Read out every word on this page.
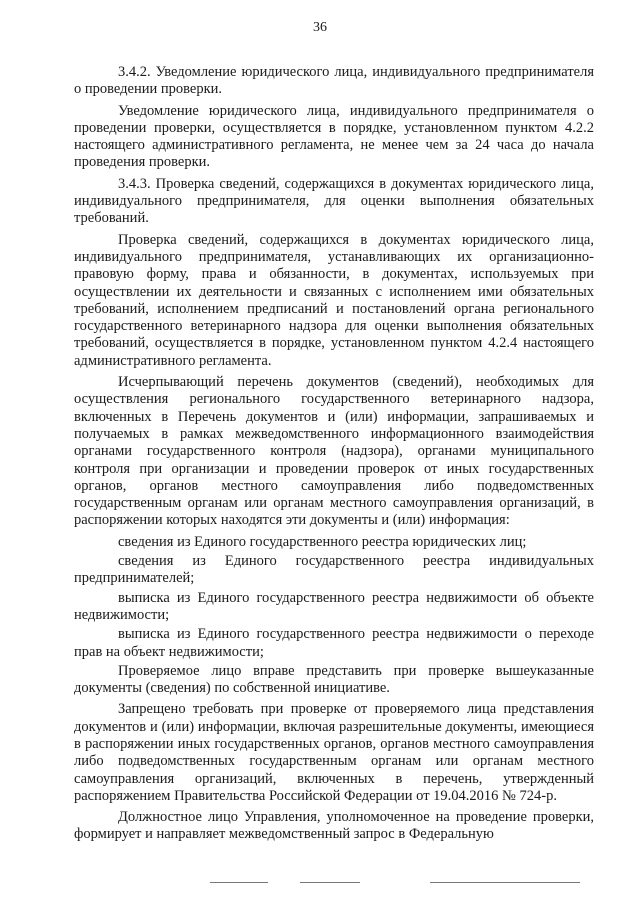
36

3.4.2. Уведомление юридического лица, индивидуального предпринимателя о проведении проверки.

Уведомление юридического лица, индивидуального предпринимателя о проведении проверки, осуществляется в порядке, установленном пунктом 4.2.2 настоящего административного регламента, не менее чем за 24 часа до начала проведения проверки.

3.4.3. Проверка сведений, содержащихся в документах юридического лица, индивидуального предпринимателя, для оценки выполнения обязательных требований.

Проверка сведений, содержащихся в документах юридического лица, индивидуального предпринимателя, устанавливающих их организационно-правовую форму, права и обязанности, в документах, используемых при осуществлении их деятельности и связанных с исполнением ими обязательных требований, исполнением предписаний и постановлений органа регионального государственного ветеринарного надзора для оценки выполнения обязательных требований, осуществляется в порядке, установленном пунктом 4.2.4 настоящего административного регламента.

Исчерпывающий перечень документов (сведений), необходимых для осуществления регионального государственного ветеринарного надзора, включенных в Перечень документов и (или) информации, запрашиваемых и получаемых в рамках межведомственного информационного взаимодействия органами государственного контроля (надзора), органами муниципального контроля при организации и проведении проверок от иных государственных органов, органов местного самоуправления либо подведомственных государственным органам или органам местного самоуправления организаций, в распоряжении которых находятся эти документы и (или) информация:

сведения из Единого государственного реестра юридических лиц;

сведения из Единого государственного реестра индивидуальных предпринимателей;

выписка из Единого государственного реестра недвижимости об объекте недвижимости;

выписка из Единого государственного реестра недвижимости о переходе прав на объект недвижимости;

Проверяемое лицо вправе представить при проверке вышеуказанные документы (сведения) по собственной инициативе.

Запрещено требовать при проверке от проверяемого лица представления документов и (или) информации, включая разрешительные документы, имеющиеся в распоряжении иных государственных органов, органов местного самоуправления либо подведомственных государственным органам или органам местного самоуправления организаций, включенных в перечень, утвержденный распоряжением Правительства Российской Федерации от 19.04.2016 № 724-р.

Должностное лицо Управления, уполномоченное на проведение проверки, формирует и направляет межведомственный запрос в Федеральную
